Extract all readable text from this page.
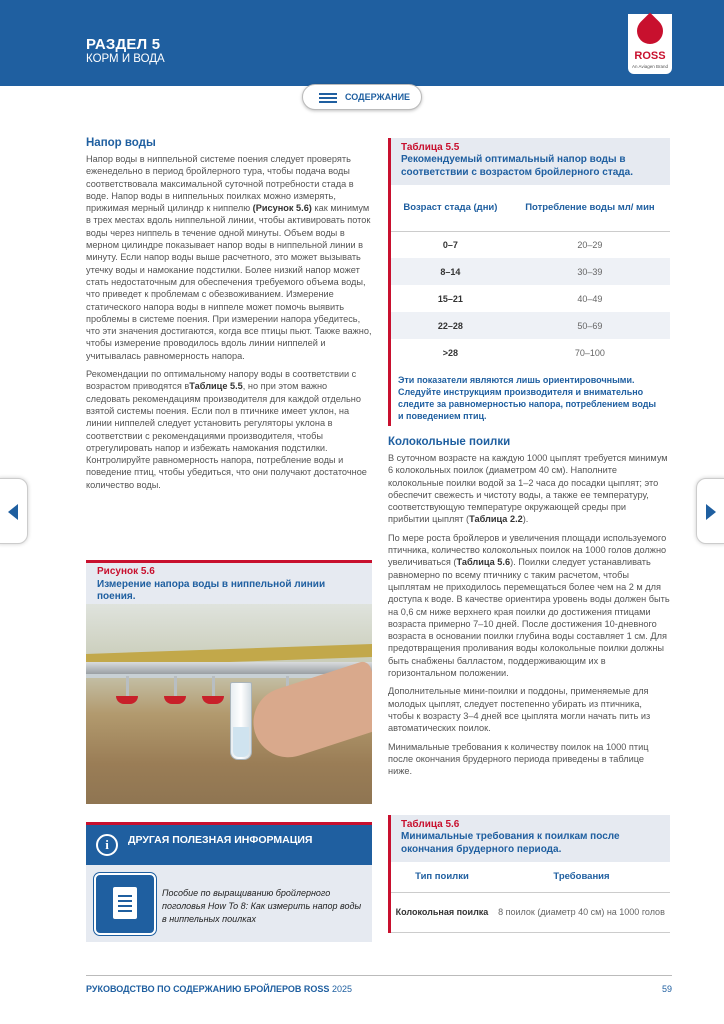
РАЗДЕЛ 5
КОРМ И ВОДА	ROSS
An Aviagen Brand
СОДЕРЖАНИЕ
Напор воды

Напор воды в ниппельной системе поения следует проверять еженедельно в период бройлерного тура, чтобы подача воды соответствовала максимальной суточной потребности стада в воде. Напор воды в ниппельных поилках можно измерять, прижимая мерный цилиндр к ниппелю (Рисунок 5.6) как минимум в трех местах вдоль ниппельной линии, чтобы активировать поток воды через ниппель в течение одной минуты. Объем воды в мерном цилиндре показывает напор воды в ниппельной линии в минуту. Если напор воды выше расчетного, это может вызывать утечку воды и намокание подстилки. Более низкий напор может стать недостаточным для обеспечения требуемого объема воды, что приведет к проблемам с обезвоживанием. Измерение статического напора воды в ниппеле может помочь выявить проблемы в системе поения. При измерении напора убедитесь, что эти значения достигаются, когда все птицы пьют. Также важно, чтобы измерение проводилось вдоль линии ниппелей и учитывалась равномерность напора.

Рекомендации по оптимальному напору воды в соответствии с возрастом приводятся вТаблице 5.5, но при этом важно следовать рекомендациям производителя для каждой отдельно взятой системы поения. Если пол в птичнике имеет уклон, на линии ниппелей следует установить регуляторы уклона в соответствии с рекомендациями производителя, чтобы отрегулировать напор и избежать намокания подстилки. Контролируйте равномерность напора, потребление воды и поведение птиц, чтобы убедиться, что они получают достаточное количество воды.

Рисунок 5.6
Измерение напора воды в ниппельной линии поения.
i	ДРУГАЯ ПОЛЕЗНАЯ ИНФОРМАЦИЯ
Пособие по выращиванию бройлерного поголовья How To 8: Как измерить напор воды в ниппельных поилках
Таблица 5.5
Рекомендуемый оптимальный напор воды в соответствии с возрастом бройлерного стада.
Возраст стада (дни)	Потребление воды мл/ мин
0–7	20–29
8–14	30–39
15–21	40–49
22–28	50–69
>28	70–100
Эти показатели являются лишь ориентировочными. Следуйте инструкциям производителя и внимательно следите за равномерностью напора, потреблением воды и поведением птиц.
Колокольные поилки

В суточном возрасте на каждую 1000 цыплят требуется минимум 6 колокольных поилок (диаметром 40 см). Наполните колокольные поилки водой за 1–2 часа до посадки цыплят; это обеспечит свежесть и чистоту воды, а также ее температуру, соответствующую температуре окружающей среды при прибытии цыплят (Таблица 2.2).

По мере роста бройлеров и увеличения площади используемого птичника, количество колокольных поилок на 1000 голов должно увеличиваться (Таблица 5.6). Поилки следует устанавливать равномерно по всему птичнику с таким расчетом, чтобы цыплятам не приходилось перемещаться более чем на 2 м для доступа к воде. В качестве ориентира уровень воды должен быть на 0,6 см ниже верхнего края поилки до достижения птицами возраста примерно 7–10 дней. После достижения 10-дневного возраста в основании поилки глубина воды составляет 1 см. Для предотвращения проливания воды колокольные поилки должны быть снабжены балластом, поддерживающим их в горизонтальном положении.

Дополнительные мини-поилки и поддоны, применяемые для молодых цыплят, следует постепенно убирать из птичника, чтобы к возрасту 3–4 дней все цыплята могли начать пить из автоматических поилок.

Минимальные требования к количеству поилок на 1000 птиц после окончания брудерного периода приведены в таблице ниже.

Таблица 5.6
Минимальные требования к поилкам после окончания брудерного периода.
Тип поилки	Требования
Колокольная поилка	8 поилок (диаметр 40 см) на 1000 голов
РУКОВОДСТВО ПО СОДЕРЖАНИЮ БРОЙЛЕРОВ ROSS 2025	59
